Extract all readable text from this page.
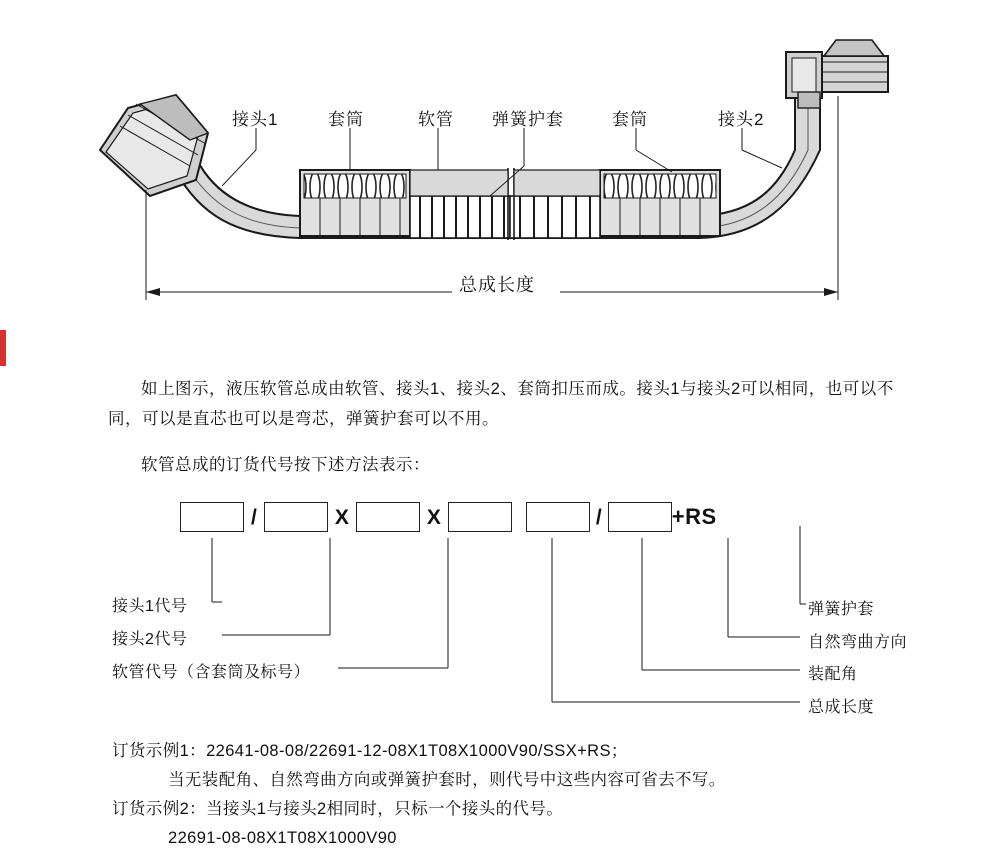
接头1	套筒	软管 弹簧护套	套筒	接头2
总成长度
如上图示，液压软管总成由软管、接头1、接头2、套筒扣压而成。接头1与接头2可以相同，也可以不同，可以是直芯也可以是弯芯，弹簧护套可以不用。
软管总成的订货代号按下述方法表示：
/	X	X	/	+RS
接头1代号
接头2代号
软管代号（含套筒及标号）
弹簧护套
自然弯曲方向
装配角
总成长度
订货示例1：22641-08-08/22691-12-08X1T08X1000V90/SSX+RS；
当无装配角、自然弯曲方向或弹簧护套时，则代号中这些内容可省去不写。
订货示例2：当接头1与接头2相同时，只标一个接头的代号。
22691-08-08X1T08X1000V90
